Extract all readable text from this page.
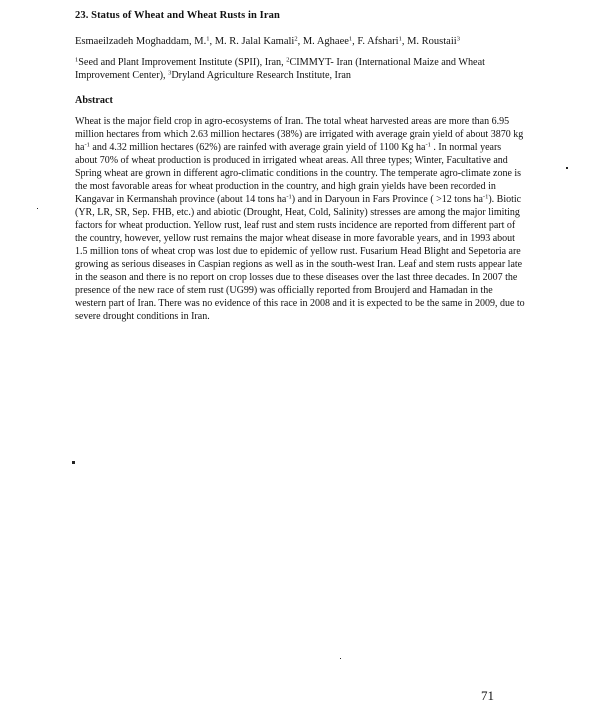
23. Status of Wheat and Wheat Rusts in Iran
Esmaeilzadeh Moghaddam, M.$^1$, M. R. Jalal Kamali$^2$, M. Aghaee$^1$, F. Afshari$^1$, M. Roustaii$^3$
$^1$Seed and Plant Improvement Institute (SPII), Iran, $^2$CIMMYT- Iran (International Maize and Wheat Improvement Center), $^3$Dryland Agriculture Research Institute, Iran
Abstract
Wheat is the major field crop in agro-ecosystems of Iran. The total wheat harvested areas are more than 6.95 million hectares from which 2.63 million hectares (38%) are irrigated with average grain yield of about 3870 kg $ha^{-1}$ and 4.32 million hectares (62%) are rainfed with average grain yield of 1100 Kg $ha^{-1}$ . In normal years about 70% of wheat production is produced in irrigated wheat areas. All three types; Winter, Facultative and Spring wheat are grown in different agro-climatic conditions in the country. The temperate agro-climate zone is the most favorable areas for wheat production in the country, and high grain yields have been recorded in Kangavar in Kermanshah province (about 14 tons $ha^{-1}$) and in Daryoun in Fars Province ( >12 tons $ha^{-1}$). Biotic (YR, LR, SR, Sep. FHB, etc.) and abiotic (Drought, Heat, Cold, Salinity) stresses are among the major limiting factors for wheat production. Yellow rust, leaf rust and stem rusts incidence are reported from different part of the country, however, yellow rust remains the major wheat disease in more favorable years, and in 1993 about 1.5 million tons of wheat crop was lost due to epidemic of yellow rust. Fusarium Head Blight and Sepetoria are growing as serious diseases in Caspian regions as well as in the south-west Iran. Leaf and stem rusts appear late in the season and there is no report on crop losses due to these diseases over the last three decades. In 2007 the presence of the new race of stem rust (UG99) was officially reported from Broujerd and Hamadan in the western part of Iran. There was no evidence of this race in 2008 and it is expected to be the same in 2009, due to severe drought conditions in Iran.
71
